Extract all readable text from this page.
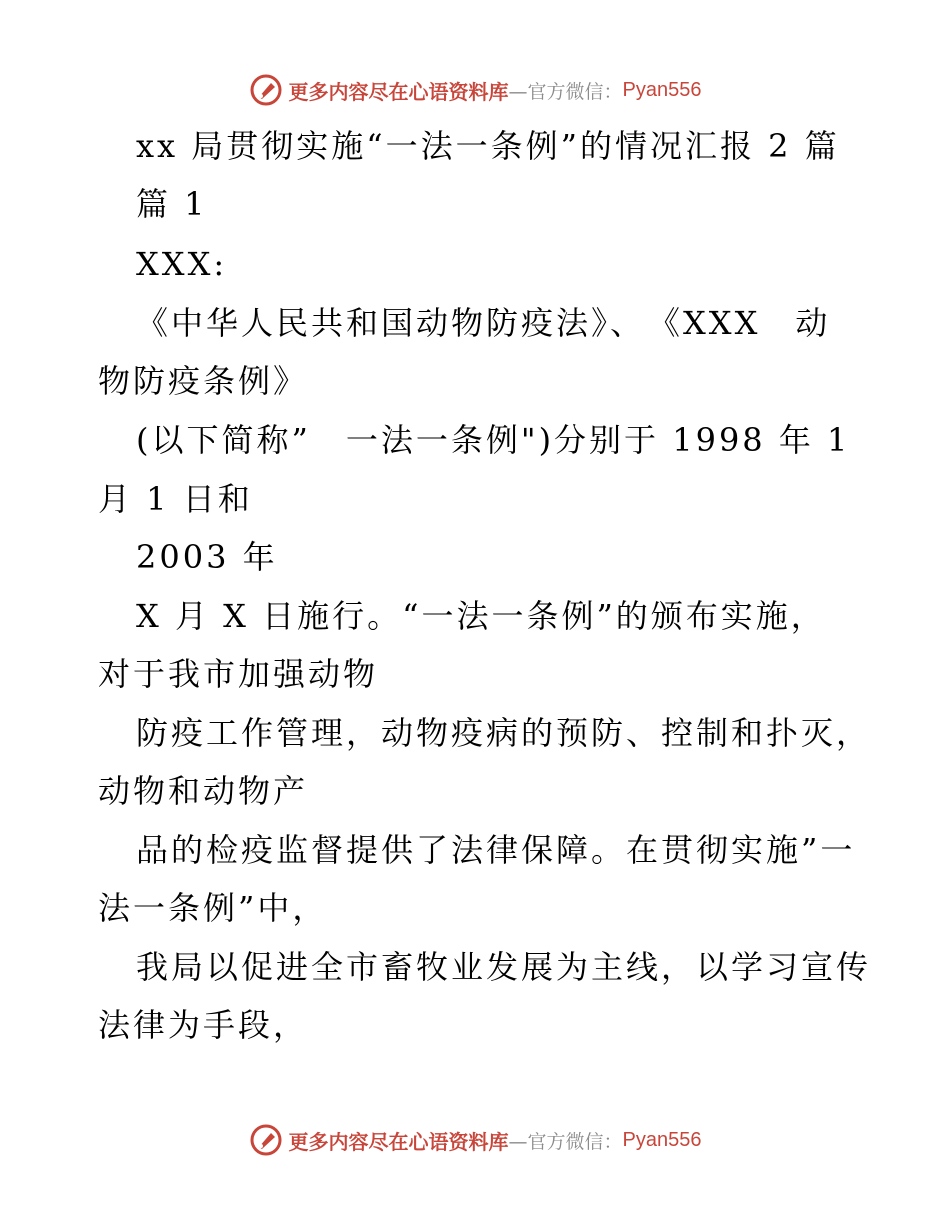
更多内容尽在心语资料库 —官方微信： Pyan556
xx 局贯彻实施“一法一条例”的情况汇报 2 篇
篇 1
XXX:
《中华人民共和国动物防疫法》、　《XXX　动
物防疫条例》
(以下简称”　一法一条例")分别于 1998 年 1
月 1 日和
2003 年
X 月 X 日施行。“一法一条例”的颁布实施，
对于我市加强动物
防疫工作管理，动物疫病的预防、控制和扑灭，
动物和动物产
品的检疫监督提供了法律保障。在贯彻实施”一
法一条例”中，
我局以促进全市畜牧业发展为主线，以学习宣传
法律为手段，
更多内容尽在心语资料库 —官方微信： Pyan556
